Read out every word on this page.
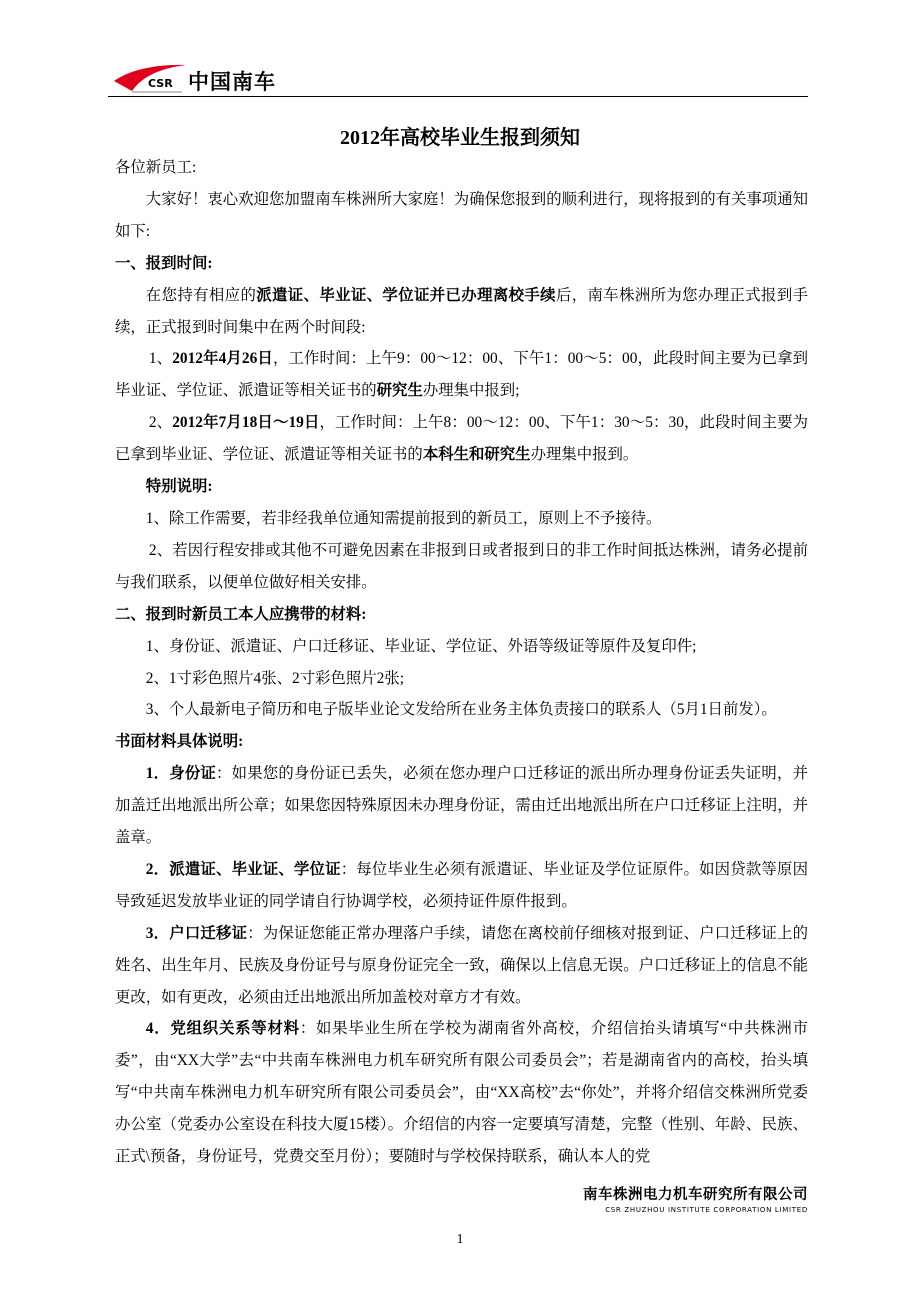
CSR 中国南车
2012年高校毕业生报到须知

各位新员工:

大家好！衷心欢迎您加盟南车株洲所大家庭！为确保您报到的顺利进行，现将报到的有关事项通知如下:

一、报到时间:

在您持有相应的派遣证、毕业证、学位证并已办理离校手续后，南车株洲所为您办理正式报到手续，正式报到时间集中在两个时间段:

1、2012年4月26日，工作时间：上午9：00～12：00、下午1：00～5：00，此段时间主要为已拿到毕业证、学位证、派遣证等相关证书的研究生办理集中报到;

2、2012年7月18日～19日，工作时间：上午8：00～12：00、下午1：30～5：30，此段时间主要为已拿到毕业证、学位证、派遣证等相关证书的本科生和研究生办理集中报到。

特别说明:

1、除工作需要，若非经我单位通知需提前报到的新员工，原则上不予接待。

2、若因行程安排或其他不可避免因素在非报到日或者报到日的非工作时间抵达株洲，请务必提前与我们联系，以便单位做好相关安排。

二、报到时新员工本人应携带的材料:

1、身份证、派遣证、户口迁移证、毕业证、学位证、外语等级证等原件及复印件;

2、1寸彩色照片4张、2寸彩色照片2张;

3、个人最新电子简历和电子版毕业论文发给所在业务主体负责接口的联系人（5月1日前发）。

书面材料具体说明:

1．身份证：如果您的身份证已丢失，必须在您办理户口迁移证的派出所办理身份证丢失证明，并加盖迁出地派出所公章；如果您因特殊原因未办理身份证，需由迁出地派出所在户口迁移证上注明，并盖章。

2．派遣证、毕业证、学位证：每位毕业生必须有派遣证、毕业证及学位证原件。如因贷款等原因导致延迟发放毕业证的同学请自行协调学校，必须持证件原件报到。

3．户口迁移证：为保证您能正常办理落户手续，请您在离校前仔细核对报到证、户口迁移证上的姓名、出生年月、民族及身份证号与原身份证完全一致，确保以上信息无误。户口迁移证上的信息不能更改，如有更改，必须由迁出地派出所加盖校对章方才有效。

4．党组织关系等材料：如果毕业生所在学校为湖南省外高校，介绍信抬头请填写“中共株洲市委”，由“XX大学”去“中共南车株洲电力机车研究所有限公司委员会”；若是湖南省内的高校，抬头填写“中共南车株洲电力机车研究所有限公司委员会”，由“XX高校”去“你处”，并将介绍信交株洲所党委办公室（党委办公室设在科技大厦15楼）。介绍信的内容一定要填写清楚，完整（性别、年龄、民族、正式\预备，身份证号，党费交至月份）；要随时与学校保持联系，确认本人的党

南车株洲电力机车研究所有限公司
CSR ZHUZHOU INSTITUTE CORPORATION LIMITED
1
